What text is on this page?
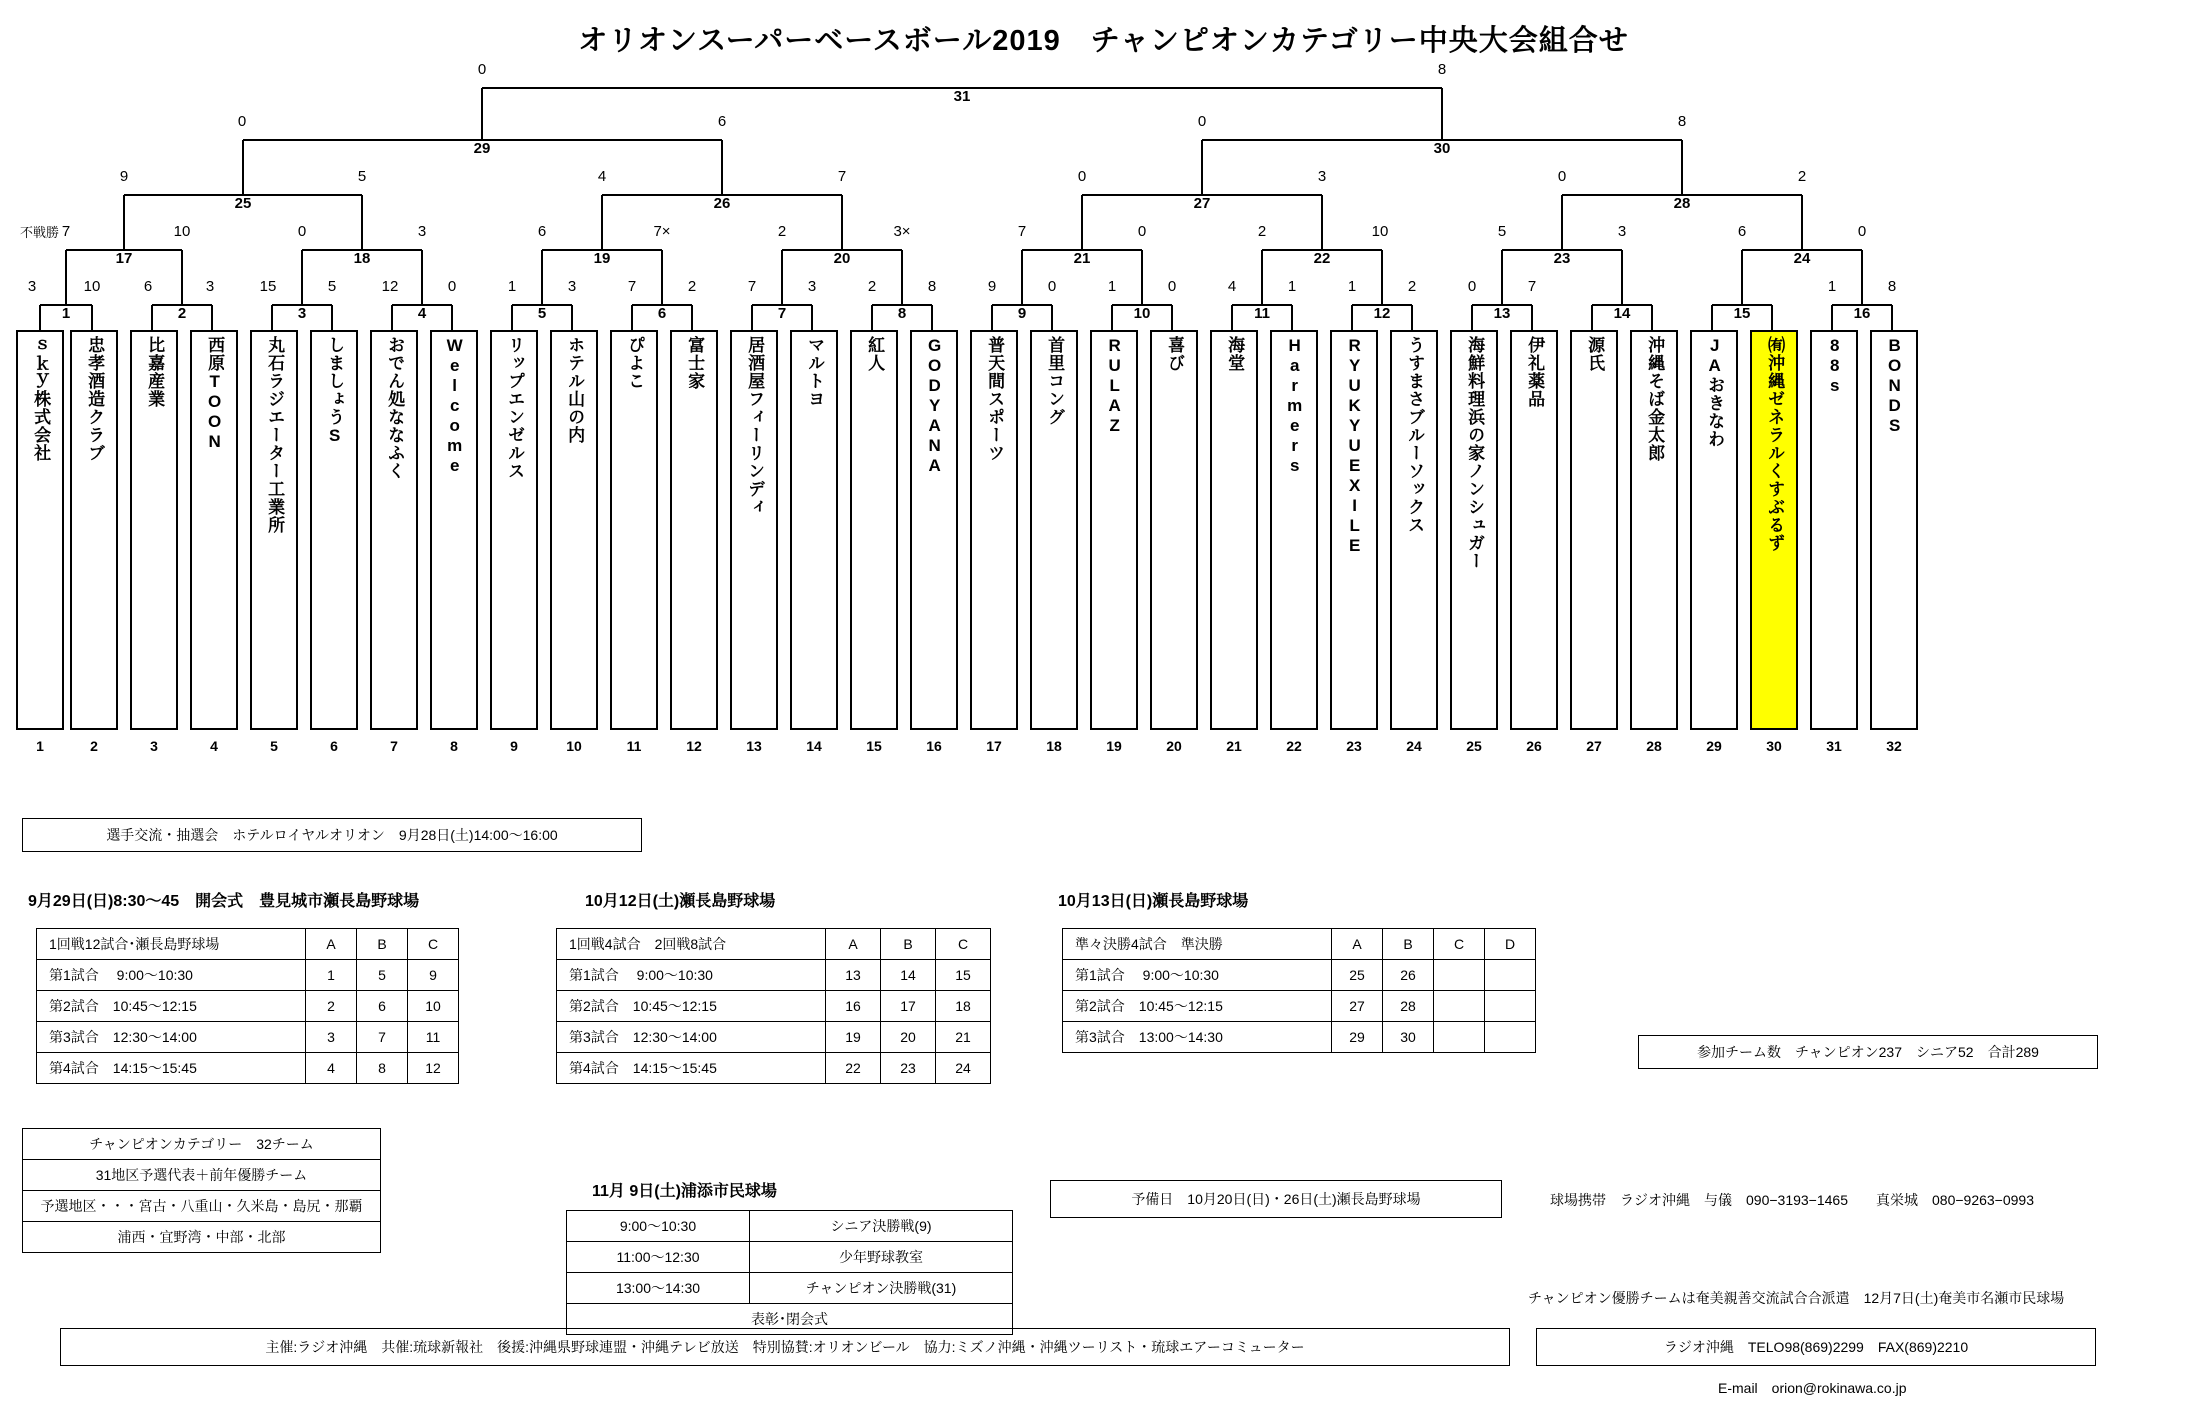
オリオンスーパーベースボール2019　チャンピオンカテゴリー中央大会組合せ
3	10	6	3	15	5	12	0	1	3	7	2	7	3	2	8	9	0	1	0	4	1	1	2	0	7	1	8
1	2	3	4	5	6	7	8	9	10	11	12	13	14	15	16
7	10	0	3	6	7×	2	3×	7	0	2	10	5	3	6	0
17	18	19	20	21	22	23	24
9	5	4	7	0	3	0	2
25	26	27	28
0	6	0	8
29	30
0	8
31
不戦勝
ｓｋｙ株式会社 忠孝酒造クラブ 比嘉産業 西原TOON 丸石ラジエーター工業所 しましょうS おでん処ななふく Welcome リップエンゼルス ホテル山の内 ぴよこ 富士家 居酒屋フィーリンディ マルトヨ 紅人 GODYANA 普天間スポーツ 首里コング RULAZ 喜び 海堂 Harmers RYUKYUEXILE うすまさブルーソックス 海鮮料理浜の家ノンシュガー 伊礼薬品 源氏 沖縄そば金太郎 JAおきなわ ㈲沖縄ゼネラルくすぶるず 88s BONDS
1	2	3	4	5	6	7	8	9	10	11	12	13	14	15	16	17	18	19	20	21	22	23	24	25	26	27	28	29	30	31	32
選手交流・抽選会　ホテルロイヤルオリオン　9月28日(土)14:00〜16:00
9月29日(日)8:30〜45　開会式　豊見城市瀬長島野球場
1回戦12試合･瀬長島野球場	A	B	C
第1試合　 9:00〜10:30	1	5	9
第2試合　10:45〜12:15	2	6	10
第3試合　12:30〜14:00	3	7	11
第4試合　14:15〜15:45	4	8	12
10月12日(土)瀬長島野球場
1回戦4試合　2回戦8試合	A	B	C
第1試合　 9:00〜10:30	13	14	15
第2試合　10:45〜12:15	16	17	18
第3試合　12:30〜14:00	19	20	21
第4試合　14:15〜15:45	22	23	24
10月13日(日)瀬長島野球場
準々決勝4試合　準決勝	A	B	C	D
第1試合　 9:00〜10:30	25	26		
第2試合　10:45〜12:15	27	28		
第3試合　13:00〜14:30	29	30		
参加チーム数　チャンピオン237　シニア52　合計289
チャンピオンカテゴリー　32チーム
31地区予選代表＋前年優勝チーム
予選地区・・・宮古・八重山・久米島・島尻・那覇
浦西・宜野湾・中部・北部
11月 9日(土)浦添市民球場
9:00〜10:30	シニア決勝戦(9)
11:00〜12:30	少年野球教室
13:00〜14:30	チャンピオン決勝戦(31)
表彰･閉会式	
予備日　10月20日(日)・26日(土)瀬長島野球場	球場携帯　ラジオ沖縄　与儀　090−3193−1465　　真栄城　080−9263−0993
チャンピオン優勝チームは奄美親善交流試合合派遣　12月7日(土)奄美市名瀬市民球場
主催:ラジオ沖縄　共催:琉球新報社　後援:沖縄県野球連盟・沖縄テレビ放送　特別協賛:オリオンビール　協力:ミズノ沖縄・沖縄ツーリスト・琉球エアーコミューター	ラジオ沖縄　TELO98(869)2299　FAX(869)2210
E-mail　orion@rokinawa.co.jp
